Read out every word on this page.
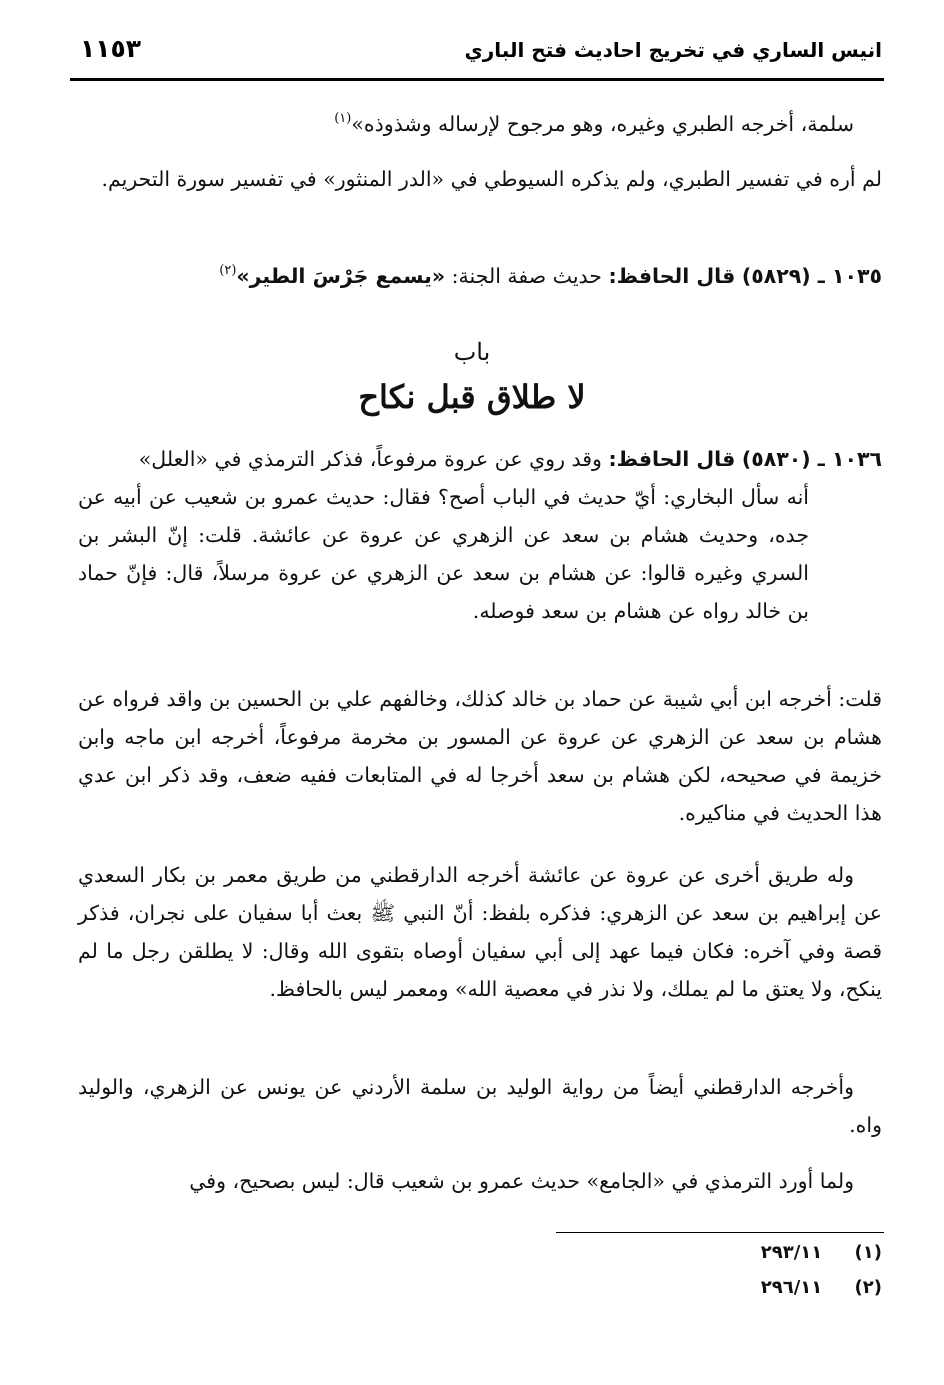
انيس الساري في تخريج احاديث فتح الباري
١١٥٣
سلمة، أخرجه الطبري وغيره، وهو مرجوح لإرساله وشذوذه»$^{(١)}$
لم أره في تفسير الطبري، ولم يذكره السيوطي في «الدر المنثور» في تفسير سورة التحريم.
١٠٣٥ ـ (٥٨٢٩) قال الحافظ: حديث صفة الجنة: «يسمع جَرْسَ الطير»$^{(٢)}$
باب
لا طلاق قبل نكاح
١٠٣٦ ـ (٥٨٣٠) قال الحافظ: وقد روي عن عروة مرفوعاً، فذكر الترمذي في «العلل»
أنه سأل البخاري: أيّ حديث في الباب أصح؟ فقال: حديث عمرو بن شعيب عن أبيه عن جده، وحديث هشام بن سعد عن الزهري عن عروة عن عائشة. قلت: إنّ البشر بن السري وغيره قالوا: عن هشام بن سعد عن الزهري عن عروة مرسلاً، قال: فإنّ حماد بن خالد رواه عن هشام بن سعد فوصله.
قلت: أخرجه ابن أبي شيبة عن حماد بن خالد كذلك، وخالفهم علي بن الحسين بن واقد فرواه عن هشام بن سعد عن الزهري عن عروة عن المسور بن مخرمة مرفوعاً، أخرجه ابن ماجه وابن خزيمة في صحيحه، لكن هشام بن سعد أخرجا له في المتابعات ففيه ضعف، وقد ذكر ابن عدي هذا الحديث في مناكيره.
وله طريق أخرى عن عروة عن عائشة أخرجه الدارقطني من طريق معمر بن بكار السعدي عن إبراهيم بن سعد عن الزهري: فذكره بلفظ: أنّ النبي ﷺ بعث أبا سفيان على نجران، فذكر قصة وفي آخره: فكان فيما عهد إلى أبي سفيان أوصاه بتقوى الله وقال: لا يطلقن رجل ما لم ينكح، ولا يعتق ما لم يملك، ولا نذر في معصية الله» ومعمر ليس بالحافظ.
وأخرجه الدارقطني أيضاً من رواية الوليد بن سلمة الأردني عن يونس عن الزهري، والوليد واه.
ولما أورد الترمذي في «الجامع» حديث عمرو بن شعيب قال: ليس بصحيح، وفي
(١) ٢٩٣/١١
(٢) ٢٩٦/١١
